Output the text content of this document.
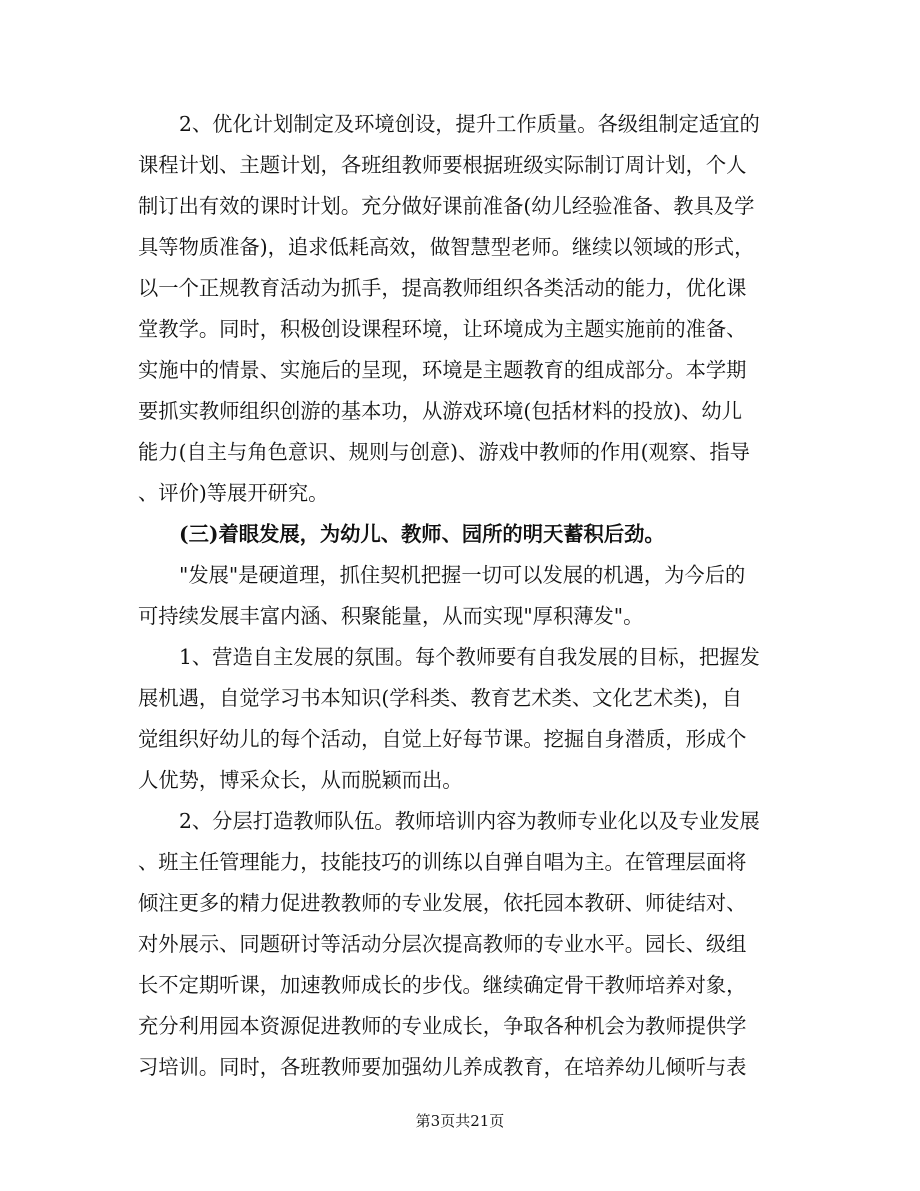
2、优化计划制定及环境创设，提升工作质量。各级组制定适宜的
课程计划、主题计划，各班组教师要根据班级实际制订周计划，个人
制订出有效的课时计划。充分做好课前准备(幼儿经验准备、教具及学
具等物质准备)，追求低耗高效，做智慧型老师。继续以领域的形式，
以一个正规教育活动为抓手，提高教师组织各类活动的能力，优化课
堂教学。同时，积极创设课程环境，让环境成为主题实施前的准备、
实施中的情景、实施后的呈现，环境是主题教育的组成部分。本学期
要抓实教师组织创游的基本功，从游戏环境(包括材料的投放)、幼儿
能力(自主与角色意识、规则与创意)、游戏中教师的作用(观察、指导
、评价)等展开研究。
(三)着眼发展，为幼儿、教师、园所的明天蓄积后劲。
"发展"是硬道理，抓住契机把握一切可以发展的机遇，为今后的
可持续发展丰富内涵、积聚能量，从而实现"厚积薄发"。
1、营造自主发展的氛围。每个教师要有自我发展的目标，把握发
展机遇，自觉学习书本知识(学科类、教育艺术类、文化艺术类)，自
觉组织好幼儿的每个活动，自觉上好每节课。挖掘自身潜质，形成个
人优势，博采众长，从而脱颖而出。
2、分层打造教师队伍。教师培训内容为教师专业化以及专业发展
、班主任管理能力，技能技巧的训练以自弹自唱为主。在管理层面将
倾注更多的精力促进教教师的专业发展，依托园本教研、师徒结对、
对外展示、同题研讨等活动分层次提高教师的专业水平。园长、级组
长不定期听课，加速教师成长的步伐。继续确定骨干教师培养对象，
充分利用园本资源促进教师的专业成长，争取各种机会为教师提供学
习培训。同时，各班教师要加强幼儿养成教育，在培养幼儿倾听与表
第3页共21页
